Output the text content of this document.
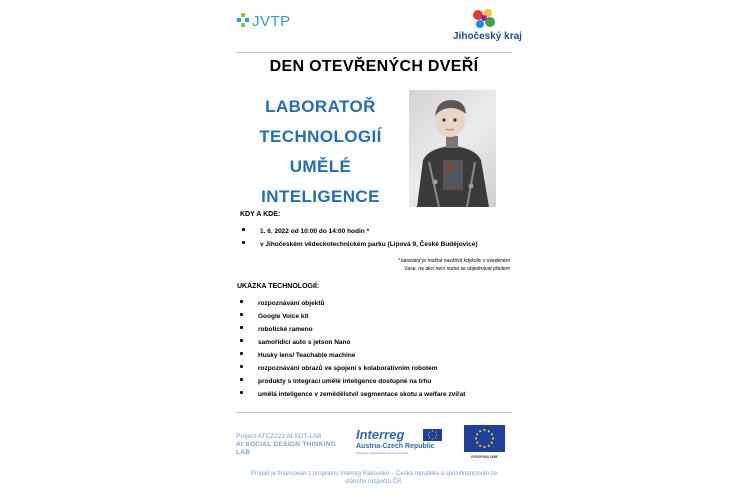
JVTP
Jihočeský kraj
DEN OTEVŘENÝCH DVEŘÍ
LABORATOŘ
TECHNOLOGIÍ
UMĚLÉ
INTELIGENCE
KDY A KDE:
1. 6. 2022 od 10:00 do 14:00 hodin *
v Jihočeském vědeckotechnickém parku (Lipová 9, České Budějovice)
* laboratoř je možné navštívit kdykoliv v uvedeném
čase, na akci není nutné se objednávat předem
UKÁZKA TECHNOLOGIÍ:
rozpoznávání objektů
Google Voice kit
robotické rameno
samořídící auto s jetson Nano
Husky lens/ Teachable machine
rozpoznávání obrazů ve spojení s kolaborativním robotem
produkty s integrací umělé inteligence dostupné na trhu
umělá inteligence v zemědělství/ segmentace skotu a welfare zvířat
Project ATCZ221 AI SDT-LAB
AI SOCIAL DESIGN THINKING
LAB
Interreg
Austria-Czech Republic
European Regional Development Fund
EVROPSKÁ UNIE
Projekt je financován z programu Interreg Rakousko – Česká republika a spolufinancován ze
státního rozpočtu ČR.
